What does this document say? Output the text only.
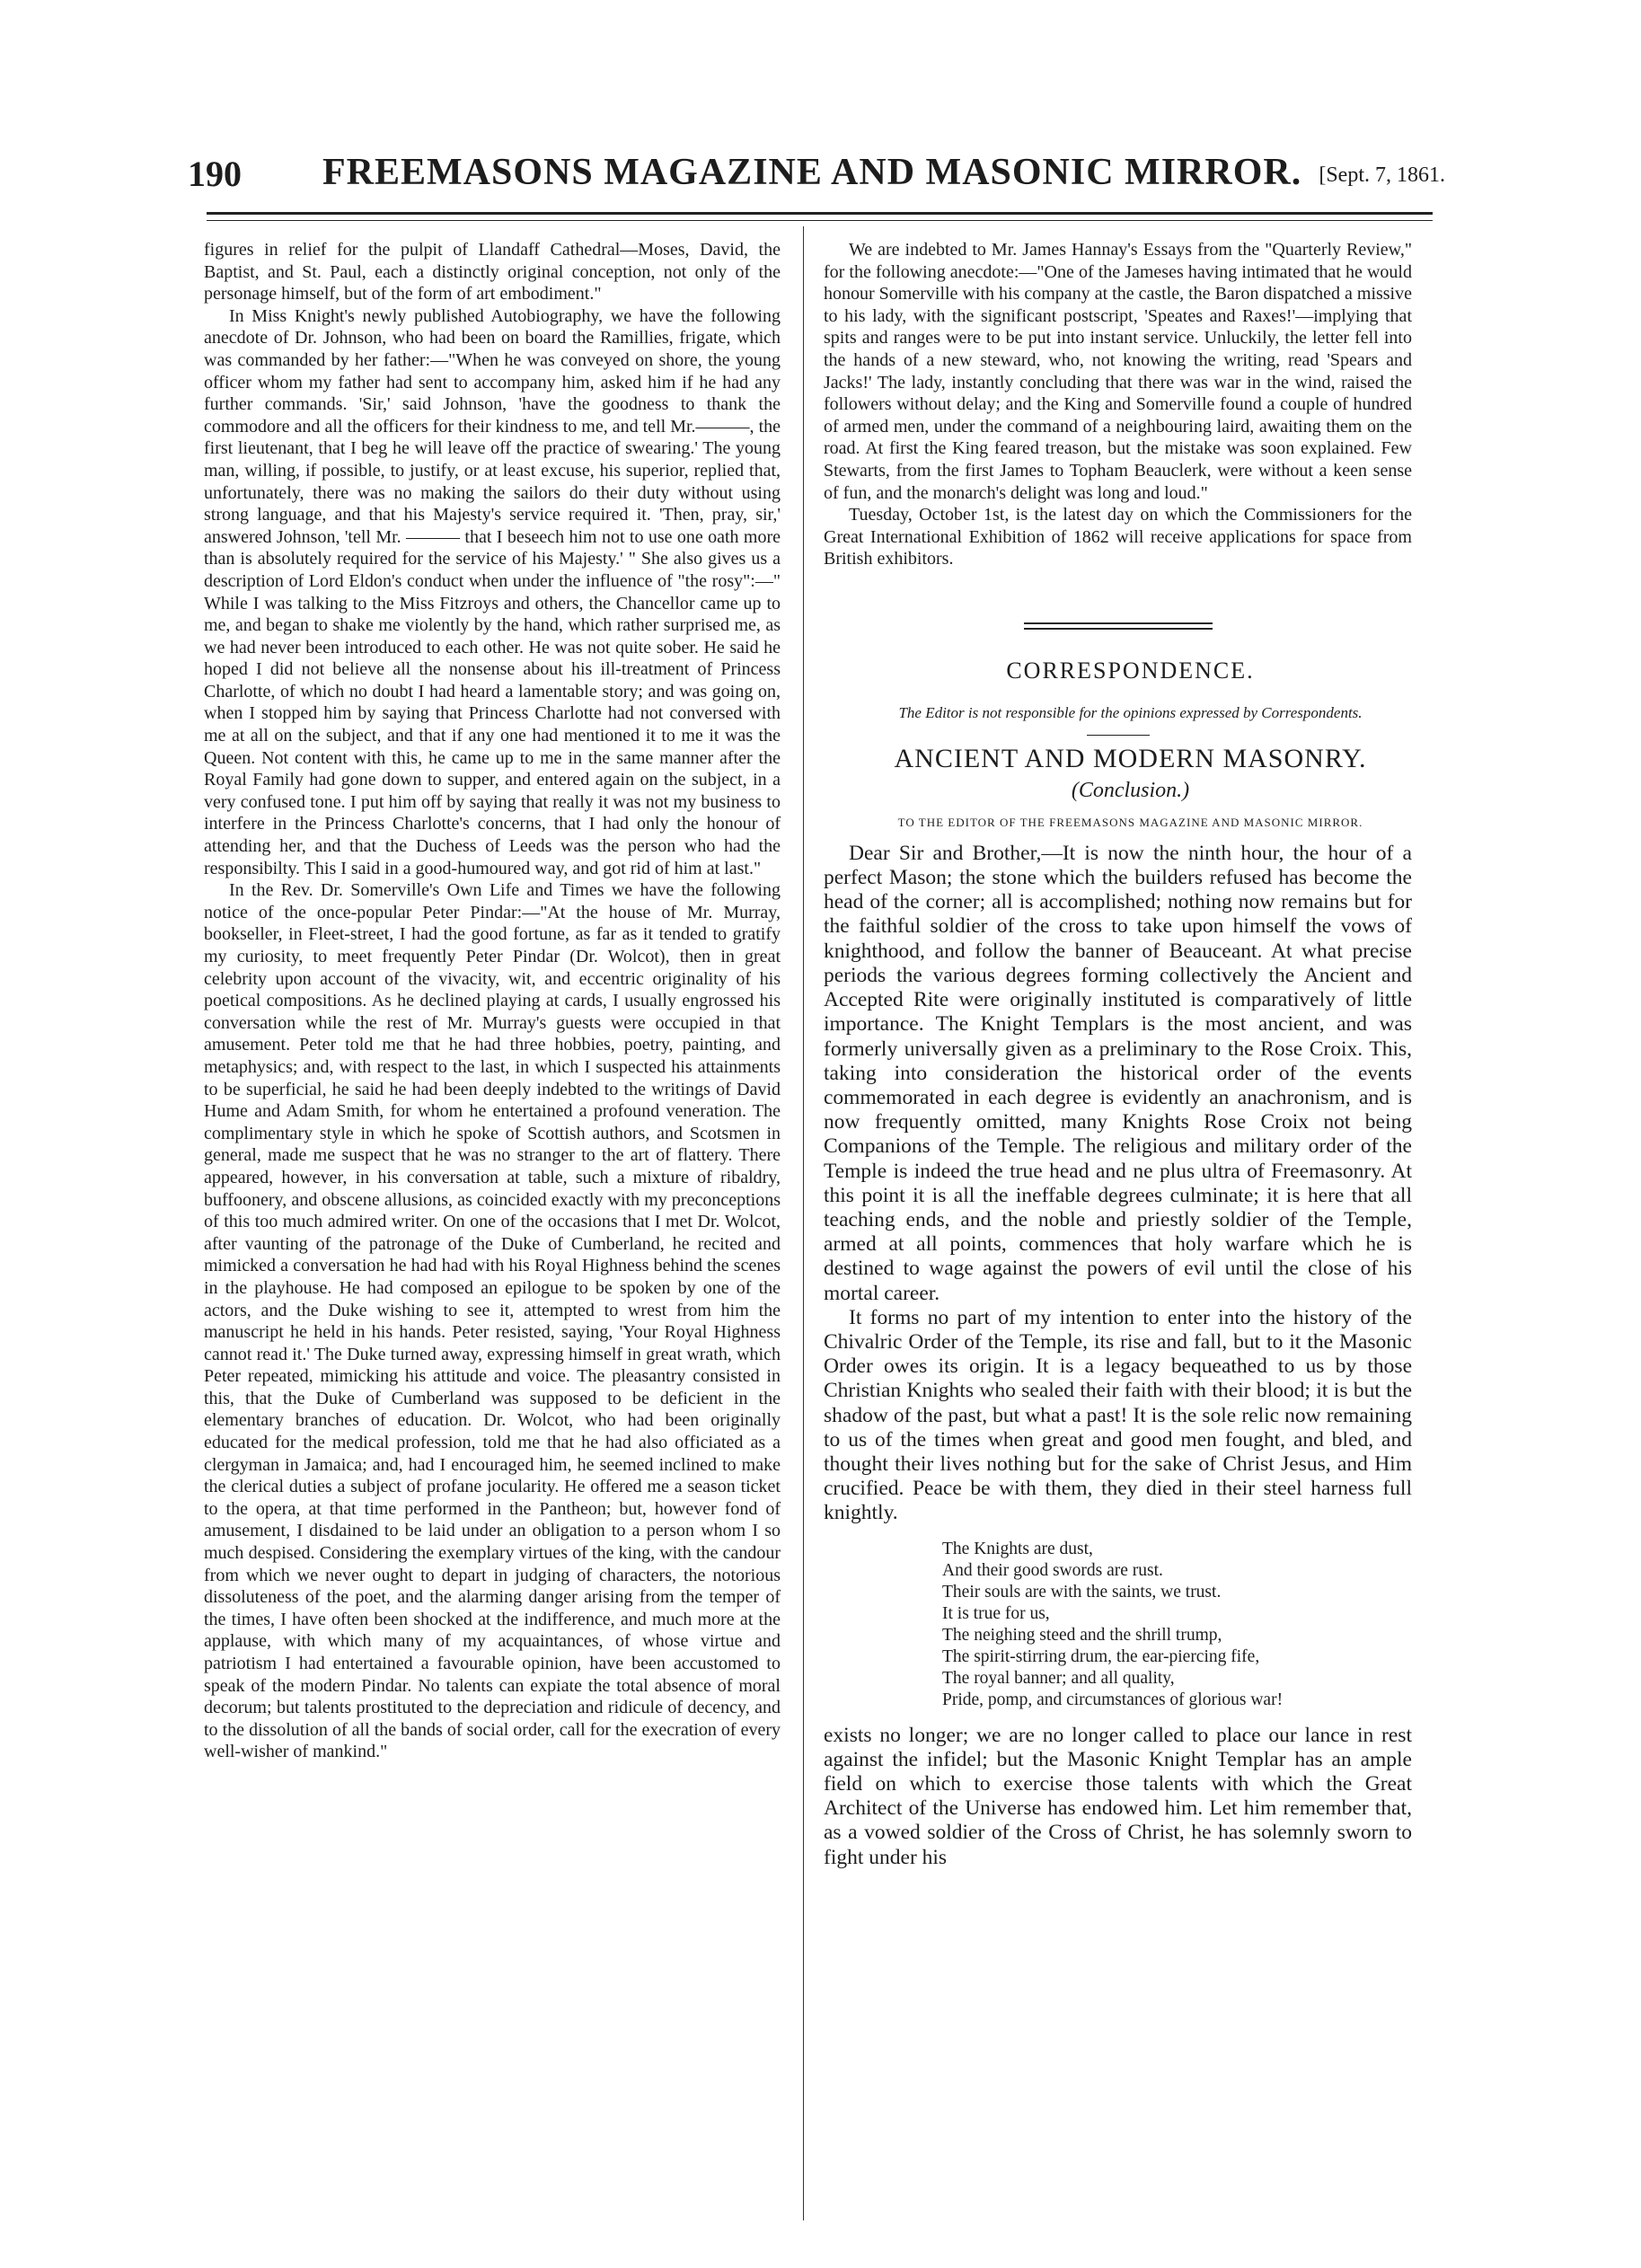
190 FREEMASONS MAGAZINE AND MASONIC MIRROR. [Sept. 7, 1861.

figures in relief for the pulpit of Llandaff Cathedral—Moses, David, the Baptist, and St. Paul, each a distinctly original conception, not only of the personage himself, but of the form of art embodiment."

In Miss Knight's newly published Autobiography, we have the following anecdote of Dr. Johnson, who had been on board the Ramillies, frigate, which was commanded by her father:—"When he was conveyed on shore, the young officer whom my father had sent to accompany him, asked him if he had any further commands. 'Sir,' said Johnson, 'have the goodness to thank the commodore and all the officers for their kindness to me, and tell Mr.———, the first lieutenant, that I beg he will leave off the practice of swearing.' The young man, willing, if possible, to justify, or at least excuse, his superior, replied that, unfortunately, there was no making the sailors do their duty without using strong language, and that his Majesty's service required it. 'Then, pray, sir,' answered Johnson, 'tell Mr. ——— that I beseech him not to use one oath more than is absolutely required for the service of his Majesty.' " She also gives us a description of Lord Eldon's conduct when under the influence of "the rosy":—" While I was talking to the Miss Fitzroys and others, the Chancellor came up to me, and began to shake me violently by the hand, which rather surprised me, as we had never been introduced to each other. He was not quite sober. He said he hoped I did not believe all the nonsense about his ill-treatment of Princess Charlotte, of which no doubt I had heard a lamentable story; and was going on, when I stopped him by saying that Princess Charlotte had not conversed with me at all on the subject, and that if any one had mentioned it to me it was the Queen. Not content with this, he came up to me in the same manner after the Royal Family had gone down to supper, and entered again on the subject, in a very confused tone. I put him off by saying that really it was not my business to interfere in the Princess Charlotte's concerns, that I had only the honour of attending her, and that the Duchess of Leeds was the person who had the responsibilty. This I said in a good-humoured way, and got rid of him at last."

In the Rev. Dr. Somerville's Own Life and Times we have the following notice of the once-popular Peter Pindar:—"At the house of Mr. Murray, bookseller, in Fleet-street, I had the good fortune, as far as it tended to gratify my curiosity, to meet frequently Peter Pindar (Dr. Wolcot), then in great celebrity upon account of the vivacity, wit, and eccentric originality of his poetical compositions. As he declined playing at cards, I usually engrossed his conversation while the rest of Mr. Murray's guests were occupied in that amusement. Peter told me that he had three hobbies, poetry, painting, and metaphysics; and, with respect to the last, in which I suspected his attainments to be superficial, he said he had been deeply indebted to the writings of David Hume and Adam Smith, for whom he entertained a profound veneration. The complimentary style in which he spoke of Scottish authors, and Scotsmen in general, made me suspect that he was no stranger to the art of flattery. There appeared, however, in his conversation at table, such a mixture of ribaldry, buffoonery, and obscene allusions, as coincided exactly with my preconceptions of this too much admired writer. On one of the occasions that I met Dr. Wolcot, after vaunting of the patronage of the Duke of Cumberland, he recited and mimicked a conversation he had had with his Royal Highness behind the scenes in the playhouse. He had composed an epilogue to be spoken by one of the actors, and the Duke wishing to see it, attempted to wrest from him the manuscript he held in his hands. Peter resisted, saying, 'Your Royal Highness cannot read it.' The Duke turned away, expressing himself in great wrath, which Peter repeated, mimicking his attitude and voice. The pleasantry consisted in this, that the Duke of Cumberland was supposed to be deficient in the elementary branches of education. Dr. Wolcot, who had been originally educated for the medical profession, told me that he had also officiated as a clergyman in Jamaica; and, had I encouraged him, he seemed inclined to make the clerical duties a subject of profane jocularity. He offered me a season ticket to the opera, at that time performed in the Pantheon; but, however fond of amusement, I disdained to be laid under an obligation to a person whom I so much despised. Considering the exemplary virtues of the king, with the candour from which we never ought to depart in judging of characters, the notorious dissoluteness of the poet, and the alarming danger arising from the temper of the times, I have often been shocked at the indifference, and much more at the applause, with which many of my acquaintances, of whose virtue and patriotism I had entertained a favourable opinion, have been accustomed to speak of the modern Pindar. No talents can expiate the total absence of moral decorum; but talents prostituted to the depreciation and ridicule of decency, and to the dissolution of all the bands of social order, call for the execration of every well-wisher of mankind."

We are indebted to Mr. James Hannay's Essays from the "Quarterly Review," for the following anecdote:—"One of the Jameses having intimated that he would honour Somerville with his company at the castle, the Baron dispatched a missive to his lady, with the significant postscript, 'Speates and Raxes!'—implying that spits and ranges were to be put into instant service. Unluckily, the letter fell into the hands of a new steward, who, not knowing the writing, read 'Spears and Jacks!' The lady, instantly concluding that there was war in the wind, raised the followers without delay; and the King and Somerville found a couple of hundred of armed men, under the command of a neighbouring laird, awaiting them on the road. At first the King feared treason, but the mistake was soon explained. Few Stewarts, from the first James to Topham Beauclerk, were without a keen sense of fun, and the monarch's delight was long and loud."

Tuesday, October 1st, is the latest day on which the Commissioners for the Great International Exhibition of 1862 will receive applications for space from British exhibitors.

CORRESPONDENCE.

The Editor is not responsible for the opinions expressed by Correspondents.

ANCIENT AND MODERN MASONRY.

(Conclusion.)

TO THE EDITOR OF THE FREEMASONS MAGAZINE AND MASONIC MIRROR.

Dear Sir and Brother,—It is now the ninth hour, the hour of a perfect Mason; the stone which the builders refused has become the head of the corner; all is accomplished; nothing now remains but for the faithful soldier of the cross to take upon himself the vows of knighthood, and follow the banner of Beauceant. At what precise periods the various degrees forming collectively the Ancient and Accepted Rite were originally instituted is comparatively of little importance. The Knight Templars is the most ancient, and was formerly universally given as a preliminary to the Rose Croix. This, taking into consideration the historical order of the events commemorated in each degree is evidently an anachronism, and is now frequently omitted, many Knights Rose Croix not being Companions of the Temple. The religious and military order of the Temple is indeed the true head and ne plus ultra of Freemasonry. At this point it is all the ineffable degrees culminate; it is here that all teaching ends, and the noble and priestly soldier of the Temple, armed at all points, commences that holy warfare which he is destined to wage against the powers of evil until the close of his mortal career.

It forms no part of my intention to enter into the history of the Chivalric Order of the Temple, its rise and fall, but to it the Masonic Order owes its origin. It is a legacy bequeathed to us by those Christian Knights who sealed their faith with their blood; it is but the shadow of the past, but what a past! It is the sole relic now remaining to us of the times when great and good men fought, and bled, and thought their lives nothing but for the sake of Christ Jesus, and Him crucified. Peace be with them, they died in their steel harness full knightly.

The Knights are dust,
And their good swords are rust.
Their souls are with the saints, we trust.
It is true for us,
The neighing steed and the shrill trump,
The spirit-stirring drum, the ear-piercing fife,
The royal banner; and all quality,
Pride, pomp, and circumstances of glorious war!

exists no longer; we are no longer called to place our lance in rest against the infidel; but the Masonic Knight Templar has an ample field on which to exercise those talents with which the Great Architect of the Universe has endowed him. Let him remember that, as a vowed soldier of the Cross of Christ, he has solemnly sworn to fight under his
